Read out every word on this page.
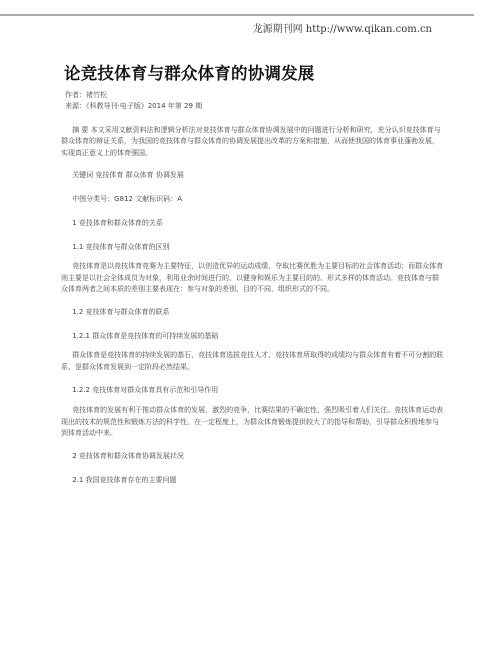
龙源期刊网 http://www.qikan.com.cn
论竞技体育与群众体育的协调发展
作者：褚竹松
来源：《科教导刊·电子版》2014 年第 29 期

摘 要 本文采用文献资料法和逻辑分析法对竞技体育与群众体育协调发展中的问题进行分析和研究，充分认识竞技体育与群众体育的辩证关系，为我国的竞技体育与群众体育的协调发展提出改革的方案和措施，从而使我国的体育事业蓬勃发展，实现真正意义上的体育强国。

关键词 竞技体育 群众体育 协调发展

中图分类号：G812 文献标识码：A

1 竞技体育和群众体育的关系

1.1 竞技体育与群众体育的区别

竞技体育是以竞技体育竞赛为主要特征，以创造优异的运动成绩，夺取比赛优胜为主要目标的社会体育活动；而群众体育则主要是以社会全体成员为对象，利用业余时间进行的，以健身和娱乐为主要目的的、形式多样的体育活动。竞技体育与群众体育两者之间本质的差别主要表现在：参与对象的差别、目的不同、组织形式的不同。

1.2 竞技体育与群众体育的联系

1.2.1 群众体育是竞技体育的可持续发展的基础

群众体育是竞技体育的持续发展的基石，竞技体育选拔竞技人才、竞技体育所取得的成绩均与群众体育有着不可分割的联系，是群众体育发展到一定阶段必然结果。

1.2.2 竞技体育对群众体育具有示范和引导作用

竞技体育的发展有利于推动群众体育的发展，激烈的竞争，比赛结果的不确定性，强烈吸引着人们关注。竞技体育运动表现出的技术的规范性和锻炼方法的科学性，在一定程度上，为群众体育锻炼提供较大了的指导和帮助，引导群众积极地参与到体育活动中来。

2 竞技体育和群众体育协调发展状况

2.1 我国竞技体育存在的主要问题
